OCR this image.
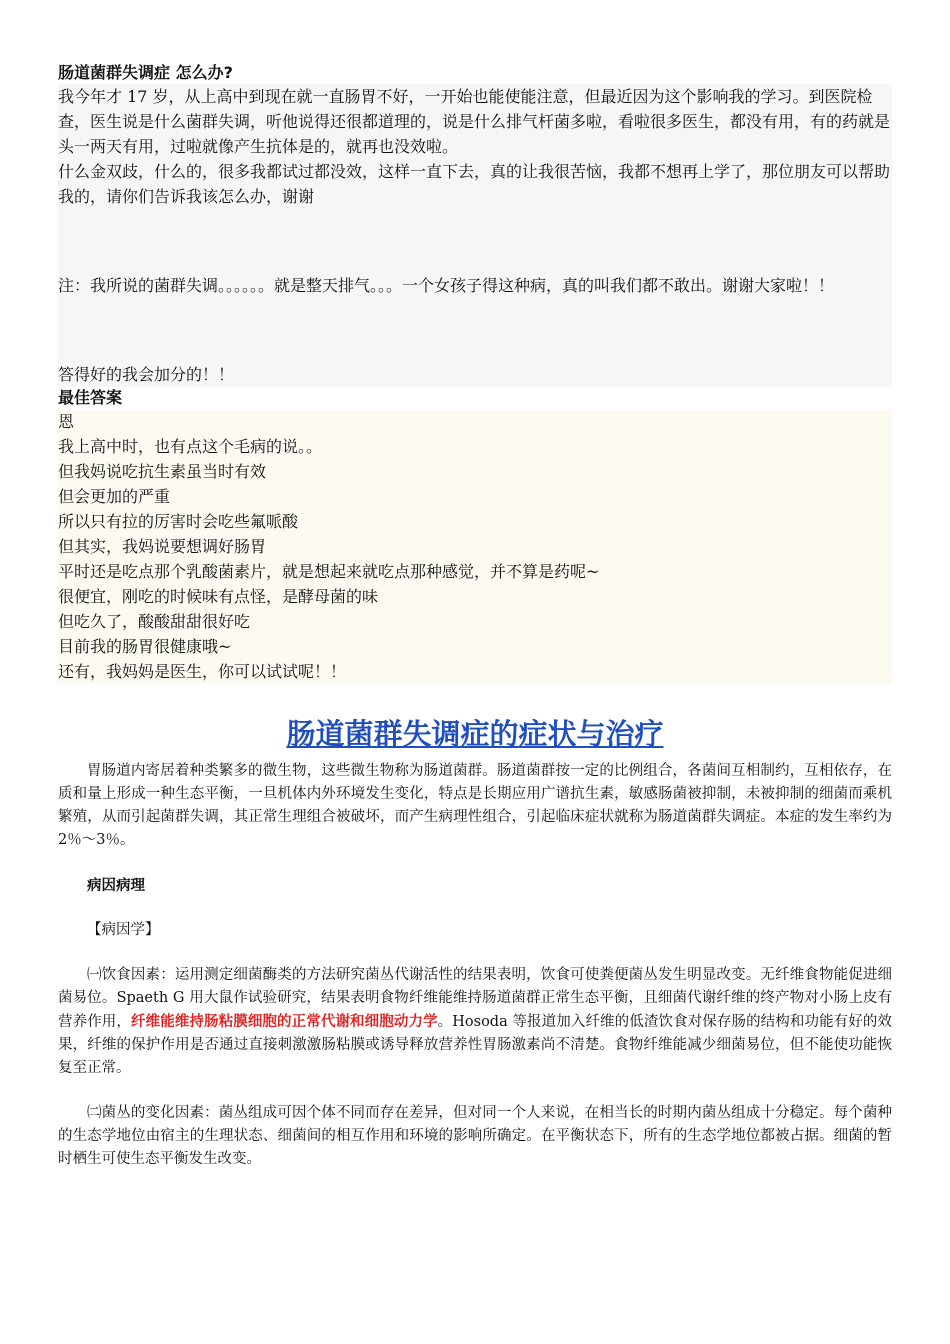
肠道菌群失调症 怎么办?

我今年才 17 岁，从上高中到现在就一直肠胃不好，一开始也能使能注意，但最近因为这个影响我的学习。到医院检查，医生说是什么菌群失调，听他说得还很都道理的，说是什么排气杆菌多啦，看啦很多医生，都没有用，有的药就是头一两天有用，过啦就像产生抗体是的，就再也没效啦。

什么金双歧，什么的，很多我都试过都没效，这样一直下去，真的让我很苦恼，我都不想再上学了，那位朋友可以帮助我的，请你们告诉我该怎么办，谢谢

注：我所说的菌群失调。。。。。。就是整天排气。。。一个女孩子得这种病，真的叫我们都不敢出。谢谢大家啦！！

答得好的我会加分的！！

最佳答案

恩

我上高中时，也有点这个毛病的说。。

但我妈说吃抗生素虽当时有效

但会更加的严重

所以只有拉的厉害时会吃些氟哌酸

但其实，我妈说要想调好肠胃

平时还是吃点那个乳酸菌素片，就是想起来就吃点那种感觉，并不算是药呢~

很便宜，刚吃的时候味有点怪，是酵母菌的味

但吃久了，酸酸甜甜很好吃

目前我的肠胃很健康哦~

还有，我妈妈是医生，你可以试试呢！！

肠道菌群失调症的症状与治疗

胃肠道内寄居着种类繁多的微生物，这些微生物称为肠道菌群。肠道菌群按一定的比例组合，各菌间互相制约，互相依存，在质和量上形成一种生态平衡，一旦机体内外环境发生变化，特点是长期应用广谱抗生素，敏感肠菌被抑制，未被抑制的细菌而乘机繁殖，从而引起菌群失调，其正常生理组合被破坏，而产生病理性组合，引起临床症状就称为肠道菌群失调症。本症的发生率约为 2％～3％。

病因病理

【病因学】

㈠饮食因素：运用测定细菌酶类的方法研究菌丛代谢活性的结果表明，饮食可使粪便菌丛发生明显改变。无纤维食物能促进细菌易位。Spaeth G 用大鼠作试验研究，结果表明食物纤维能维持肠道菌群正常生态平衡，且细菌代谢纤维的终产物对小肠上皮有营养作用，纤维能维持肠粘膜细胞的正常代谢和细胞动力学。Hosoda 等报道加入纤维的低渣饮食对保存肠的结构和功能有好的效果，纤维的保护作用是否通过直接刺激激肠粘膜或诱导释放营养性胃肠激素尚不清楚。食物纤维能减少细菌易位，但不能使功能恢复至正常。

㈡菌丛的变化因素：菌丛组成可因个体不同而存在差异，但对同一个人来说，在相当长的时期内菌丛组成十分稳定。每个菌种的生态学地位由宿主的生理状态、细菌间的相互作用和环境的影响所确定。在平衡状态下，所有的生态学地位都被占据。细菌的暂时栖生可使生态平衡发生改变。
